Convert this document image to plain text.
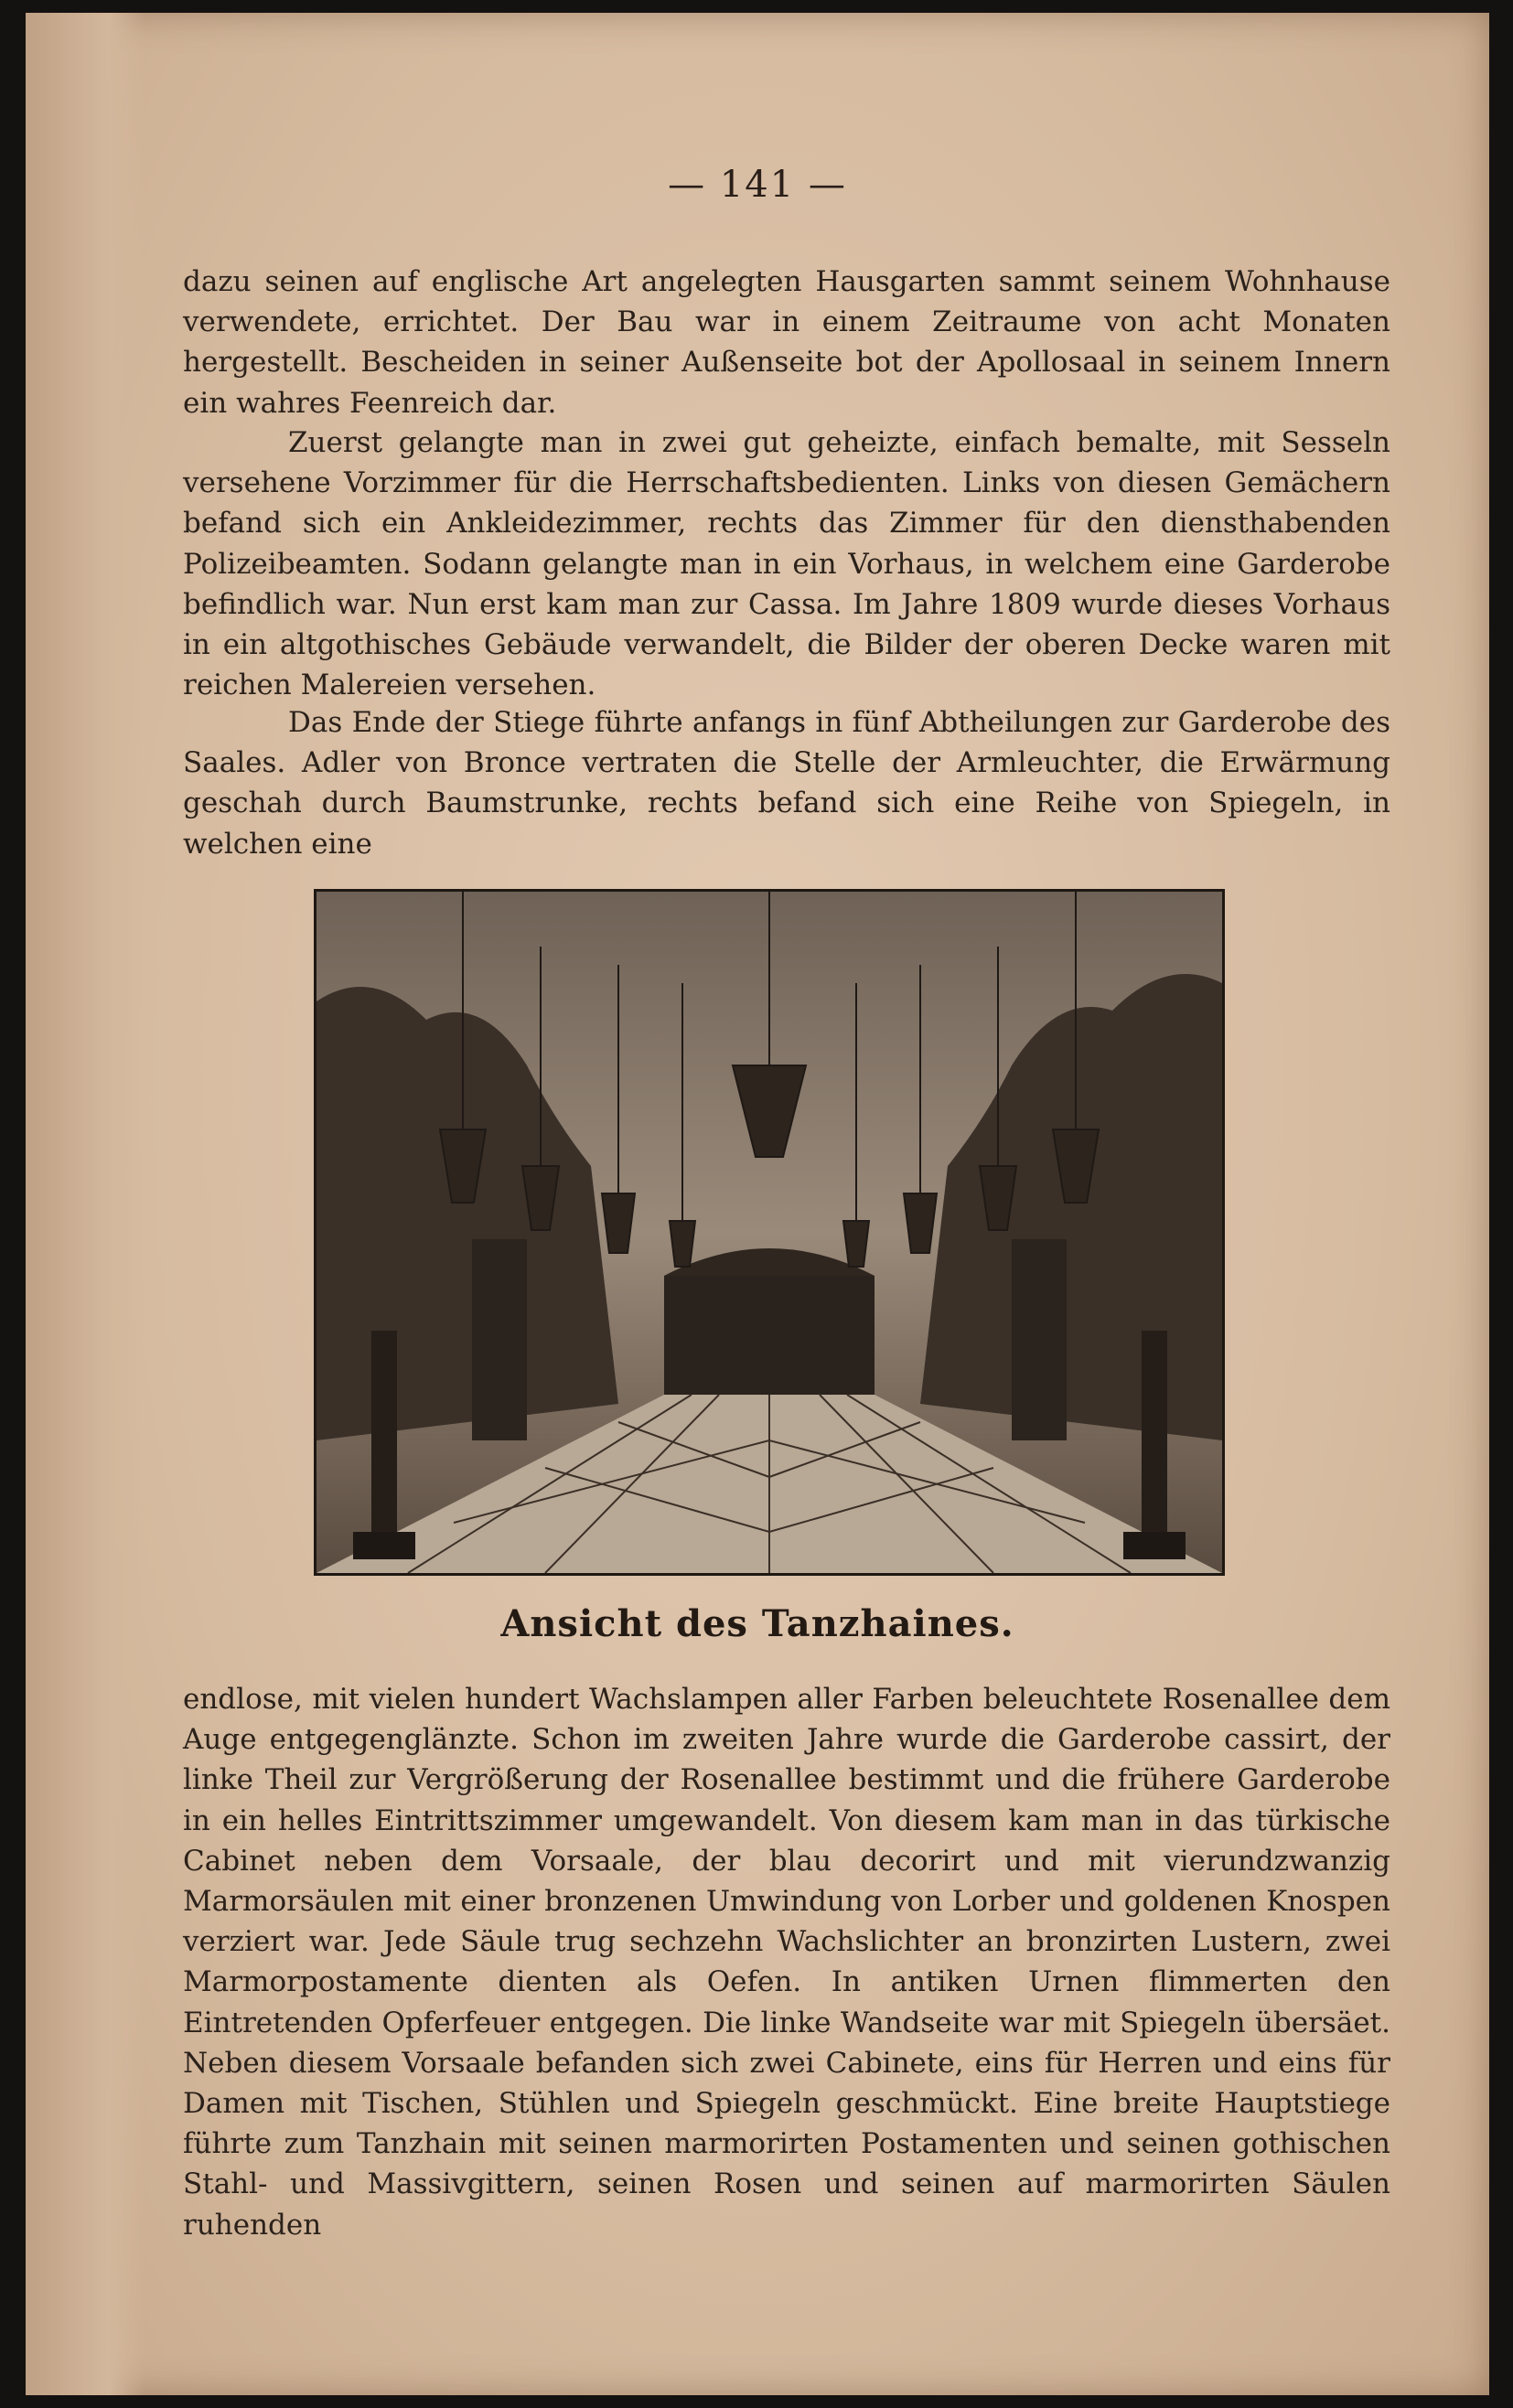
— 141 —

dazu seinen auf englische Art angelegten Hausgarten sammt seinem Wohnhause verwendete, errichtet. Der Bau war in einem Zeitraume von acht Monaten hergestellt. Bescheiden in seiner Außenseite bot der Apollosaal in seinem Innern ein wahres Feenreich dar.

Zuerst gelangte man in zwei gut geheizte, einfach bemalte, mit Sesseln versehene Vorzimmer für die Herrschaftsbedienten. Links von diesen Gemächern befand sich ein Ankleidezimmer, rechts das Zimmer für den diensthabenden Polizeibeamten. Sodann gelangte man in ein Vorhaus, in welchem eine Garderobe befindlich war. Nun erst kam man zur Cassa. Im Jahre 1809 wurde dieses Vorhaus in ein altgothisches Gebäude verwandelt, die Bilder der oberen Decke waren mit reichen Malereien versehen.

Das Ende der Stiege führte anfangs in fünf Abtheilungen zur Garderobe des Saales. Adler von Bronce vertraten die Stelle der Armleuchter, die Erwärmung geschah durch Baumstrunke, rechts befand sich eine Reihe von Spiegeln, in welchen eine

Ansicht des Tanzhaines.

endlose, mit vielen hundert Wachslampen aller Farben beleuchtete Rosenallee dem Auge entgegenglänzte. Schon im zweiten Jahre wurde die Garderobe cassirt, der linke Theil zur Vergrößerung der Rosenallee bestimmt und die frühere Garderobe in ein helles Eintrittszimmer umgewandelt. Von diesem kam man in das türkische Cabinet neben dem Vorsaale, der blau decorirt und mit vierundzwanzig Marmorsäulen mit einer bronzenen Umwindung von Lorber und goldenen Knospen verziert war. Jede Säule trug sechzehn Wachslichter an bronzirten Lustern, zwei Marmorpostamente dienten als Oefen. In antiken Urnen flimmerten den Eintretenden Opferfeuer entgegen. Die linke Wandseite war mit Spiegeln übersäet. Neben diesem Vorsaale befanden sich zwei Cabinete, eins für Herren und eins für Damen mit Tischen, Stühlen und Spiegeln geschmückt. Eine breite Hauptstiege führte zum Tanzhain mit seinen marmorirten Postamenten und seinen gothischen Stahl- und Massivgittern, seinen Rosen und seinen auf marmorirten Säulen ruhenden
